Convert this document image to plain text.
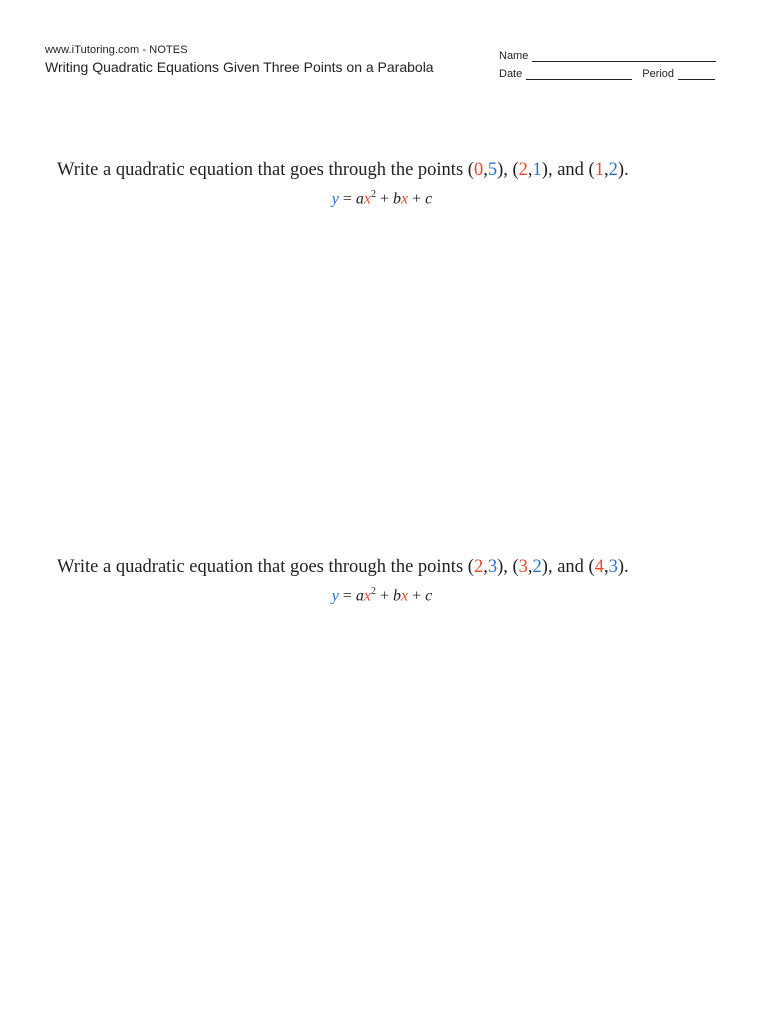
www.iTutoring.com - NOTES
Writing Quadratic Equations Given Three Points on a Parabola
Name
Date	Period
Write a quadratic equation that goes through the points (0,5), (2,1), and (1,2).
$y = ax^2$ + bx + c
Write a quadratic equation that goes through the points (2,3), (3,2), and (4,3).
$y = ax^2$ + bx + c
